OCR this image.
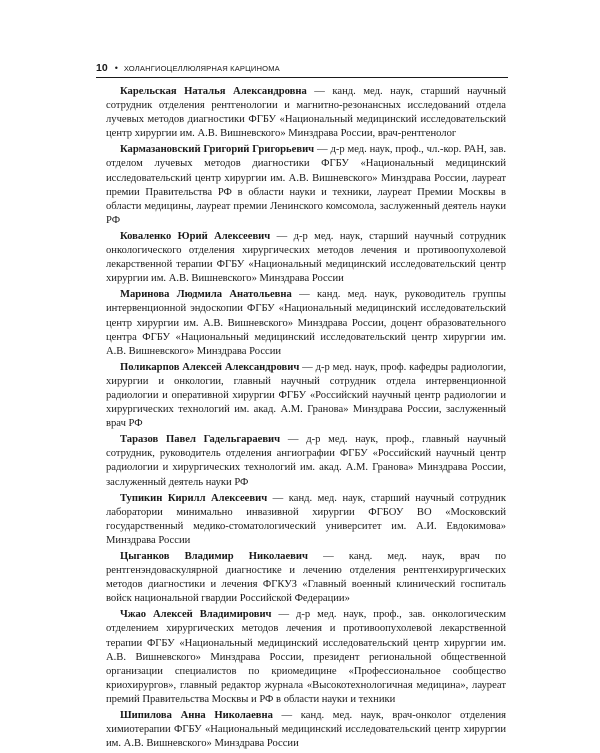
10 • ХОЛАНГИОЦЕЛЛЮЛЯРНАЯ КАРЦИНОМА

Карельская Наталья Александровна — канд. мед. наук, старший научный сотрудник отделения рентгенологии и магнитно-резонансных исследований отдела лучевых методов диагностики ФГБУ «Национальный медицинский исследовательский центр хирургии им. А.В. Вишневского» Минздрава России, врач-рентгенолог

Кармазановский Григорий Григорьевич — д-р мед. наук, проф., чл.-кор. РАН, зав. отделом лучевых методов диагностики ФГБУ «Национальный медицинский исследовательский центр хирургии им. А.В. Вишневского» Минздрава России, лауреат премии Правительства РФ в области науки и техники, лауреат Премии Москвы в области медицины, лауреат премии Ленинского комсомола, заслуженный деятель науки РФ

Коваленко Юрий Алексеевич — д-р мед. наук, старший научный сотрудник онкологического отделения хирургических методов лечения и противоопухолевой лекарственной терапии ФГБУ «Национальный медицинский исследовательский центр хирургии им. А.В. Вишневского» Минздрава России

Маринова Людмила Анатольевна — канд. мед. наук, руководитель группы интервенционной эндоскопии ФГБУ «Национальный медицинский исследовательский центр хирургии им. А.В. Вишневского» Минздрава России, доцент образовательного центра ФГБУ «Национальный медицинский исследовательский центр хирургии им. А.В. Вишневского» Минздрава России

Поликарпов Алексей Александрович — д-р мед. наук, проф. кафедры радиологии, хирургии и онкологии, главный научный сотрудник отдела интервенционной радиологии и оперативной хирургии ФГБУ «Российский научный центр радиологии и хирургических технологий им. акад. А.М. Гранова» Минздрава России, заслуженный врач РФ

Таразов Павел Гадельгараевич — д-р мед. наук, проф., главный научный сотрудник, руководитель отделения ангиографии ФГБУ «Российский научный центр радиологии и хирургических технологий им. акад. А.М. Гранова» Минздрава России, заслуженный деятель науки РФ

Тупикин Кирилл Алексеевич — канд. мед. наук, старший научный сотрудник лаборатории минимально инвазивной хирургии ФГБОУ ВО «Московский государственный медико-стоматологический университет им. А.И. Евдокимова» Минздрава России

Цыганков Владимир Николаевич — канд. мед. наук, врач по рентгенэндоваскулярной диагностике и лечению отделения рентгенхирургических методов диагностики и лечения ФГКУЗ «Главный военный клинический госпиталь войск национальной гвардии Российской Федерации»

Чжао Алексей Владимирович — д-р мед. наук, проф., зав. онкологическим отделением хирургических методов лечения и противоопухолевой лекарственной терапии ФГБУ «Национальный медицинский исследовательский центр хирургии им. А.В. Вишневского» Минздрава России, президент региональной общественной организации специалистов по криомедицине «Профессиональное сообщество криохирургов», главный редактор журнала «Высокотехнологичная медицина», лауреат премий Правительства Москвы и РФ в области науки и техники

Шипилова Анна Николаевна — канд. мед. наук, врач-онколог отделения химиотерапии ФГБУ «Национальный медицинский исследовательский центр хирургии им. А.В. Вишневского» Минздрава России
